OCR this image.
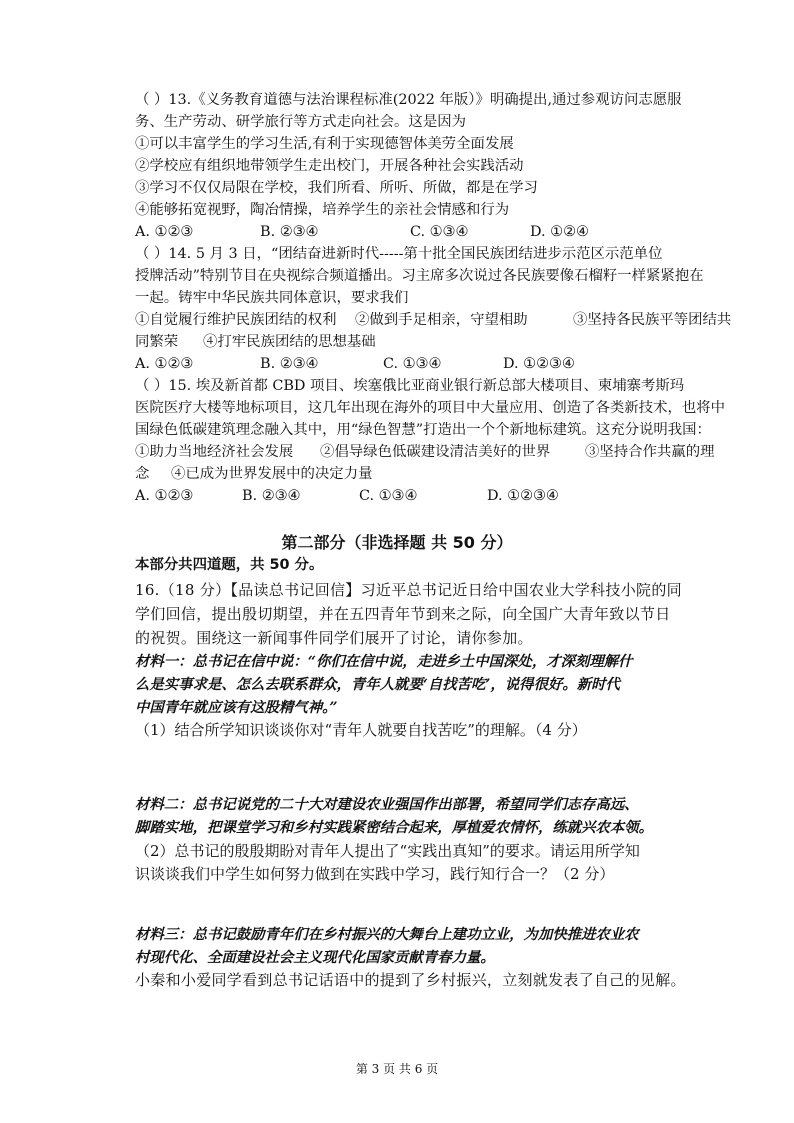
（ ）13.《义务教育道德与法治课程标准(2022 年版）》明确提出,通过参观访问志愿服
务、生产劳动、研学旅行等方式走向社会。这是因为
①可以丰富学生的学习生活,有利于实现德智体美劳全面发展
②学校应有组织地带领学生走出校门，开展各种社会实践活动
③学习不仅仅局限在学校，我们所看、所听、所做，都是在学习
④能够拓宽视野，陶冶情操，培养学生的亲社会情感和行为
A. ①②③	B. ②③④	C. ①③④	D. ①②④
（ ）14. 5 月 3 日，“团结奋进新时代-----第十批全国民族团结进步示范区示范单位
授牌活动”特别节目在央视综合频道播出。习主席多次说过各民族要像石榴籽一样紧紧抱在
一起。铸牢中华民族共同体意识，要求我们
①自觉履行维护民族团结的权利	②做到手足相亲，守望相助	③坚持各民族平等团结共
同繁荣	④打牢民族团结的思想基础
A. ①②③	B. ②③④	C. ①③④	D. ①②③④
（ ）15. 埃及新首都 CBD 项目、埃塞俄比亚商业银行新总部大楼项目、柬埔寨考斯玛
医院医疗大楼等地标项目，这几年出现在海外的项目中大量应用、创造了各类新技术，也将中
国绿色低碳建筑理念融入其中，用“绿色智慧”打造出一个个新地标建筑。这充分说明我国：
①助力当地经济社会发展	②倡导绿色低碳建设清洁美好的世界	③坚持合作共赢的理
念	④已成为世界发展中的决定力量
A. ①②③	B. ②③④	C. ①③④	D. ①②③④
第二部分（非选择题 共 50 分）
本部分共四道题，共 50 分。
16.（18 分）【品读总书记回信】习近平总书记近日给中国农业大学科技小院的同
学们回信，提出殷切期望，并在五四青年节到来之际，向全国广大青年致以节日
的祝贺。围绕这一新闻事件同学们展开了讨论，请你参加。
材料一：总书记在信中说：“你们在信中说，走进乡土中国深处，才深刻理解什
么是实事求是、怎么去联系群众，青年人就要‘自找苦吃’，说得很好。新时代
中国青年就应该有这股精气神。”
（1）结合所学知识谈谈你对“青年人就要自找苦吃”的理解。（4 分）
材料二：总书记说党的二十大对建设农业强国作出部署，希望同学们志存高远、
脚踏实地，把课堂学习和乡村实践紧密结合起来，厚植爱农情怀，练就兴农本领。
（2）总书记的殷殷期盼对青年人提出了“实践出真知”的要求。请运用所学知
识谈谈我们中学生如何努力做到在实践中学习，践行知行合一？（2 分）
材料三：总书记鼓励青年们在乡村振兴的大舞台上建功立业，为加快推进农业农
村现代化、全面建设社会主义现代化国家贡献青春力量。
小秦和小爱同学看到总书记话语中的提到了乡村振兴，立刻就发表了自己的见解。
第 3 页 共 6 页
